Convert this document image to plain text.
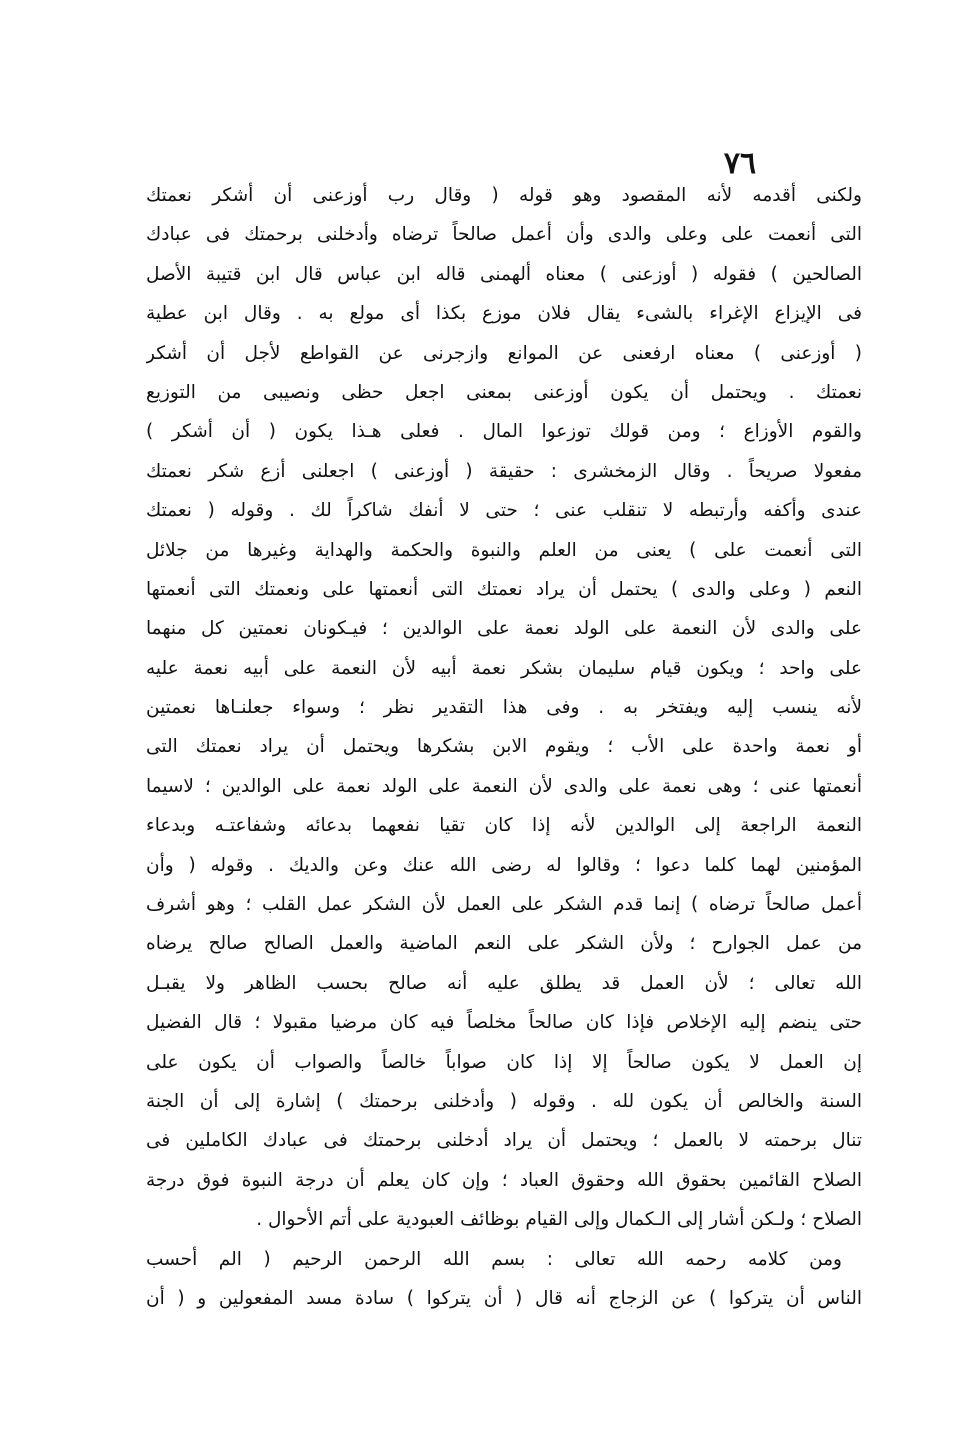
٧٦
ولكنى أقدمه لأنه المقصود وهو قوله ( وقال رب أوزعنى أن أشكر نعمتك
التى أنعمت على وعلى والدى وأن أعمل صالحاً ترضاه وأدخلنى برحمتك فى عبادك
الصالحين ) فقوله ( أوزعنى ) معناه ألهمنى قاله ابن عباس قال ابن قتيبة الأصل
فى الإيزاع الإغراء بالشىء يقال فلان موزع بكذا أى مولع به . وقال ابن عطية
( أوزعنى ) معناه ارفعنى عن الموانع وازجرنى عن القواطع لأجل أن أشكر
نعمتك . ويحتمل أن يكون أوزعنى بمعنى اجعل حظى ونصيبى من التوزيع
والقوم الأوزاع ؛ ومن قولك توزعوا المال . فعلى هـذا يكون ( أن أشكر )
مفعولا صريحاً . وقال الزمخشرى : حقيقة ( أوزعنى ) اجعلنى أزع شكر نعمتك
عندى وأكفه وأرتبطه لا تنقلب عنى ؛ حتى لا أنفك شاكراً لك . وقوله ( نعمتك
التى أنعمت على ) يعنى من العلم والنبوة والحكمة والهداية وغيرها من جلائل
النعم ( وعلى والدى ) يحتمل أن يراد نعمتك التى أنعمتها على ونعمتك التى أنعمتها
على والدى لأن النعمة على الولد نعمة على الوالدين ؛ فيـكونان نعمتين كل منهما
على واحد ؛ ويكون قيام سليمان بشكر نعمة أبيه لأن النعمة على أبيه نعمة عليه
لأنه ينسب إليه ويفتخر به . وفى هذا التقدير نظر ؛ وسواء جعلنـاها نعمتين
أو نعمة واحدة على الأب ؛ ويقوم الابن بشكرها ويحتمل أن يراد نعمتك التى
أنعمتها عنى ؛ وهى نعمة على والدى لأن النعمة على الولد نعمة على الوالدين ؛ لاسيما
النعمة الراجعة إلى الوالدين لأنه إذا كان تقيا نفعهما بدعائه وشفاعتـه وبدعاء
المؤمنين لهما كلما دعوا ؛ وقالوا له رضى الله عنك وعن والديك . وقوله ( وأن
أعمل صالحاً ترضاه ) إنما قدم الشكر على العمل لأن الشكر عمل القلب ؛ وهو أشرف
من عمل الجوارح ؛ ولأن الشكر على النعم الماضية والعمل الصالح صالح يرضاه
الله تعالى ؛ لأن العمل قد يطلق عليه أنه صالح بحسب الظاهر ولا يقبـل
حتى ينضم إليه الإخلاص فإذا كان صالحاً مخلصاً فيه كان مرضيا مقبولا ؛ قال الفضيل
إن العمل لا يكون صالحاً إلا إذا كان صواباً خالصاً والصواب أن يكون على
السنة والخالص أن يكون لله . وقوله ( وأدخلنى برحمتك ) إشارة إلى أن الجنة
تنال برحمته لا بالعمل ؛ ويحتمل أن يراد أدخلنى برحمتك فى عبادك الكاملين فى
الصلاح القائمين بحقوق الله وحقوق العباد ؛ وإن كان يعلم أن درجة النبوة فوق درجة
الصلاح ؛ ولـكن أشار إلى الـكمال وإلى القيام بوظائف العبودية على أتم الأحوال .
ومن كلامه رحمه الله تعالى : بسم الله الرحمن الرحيم ( الم أحسب
الناس أن يتركوا ) عن الزجاج أنه قال ( أن يتركوا ) سادة مسد المفعولين و ( أن
